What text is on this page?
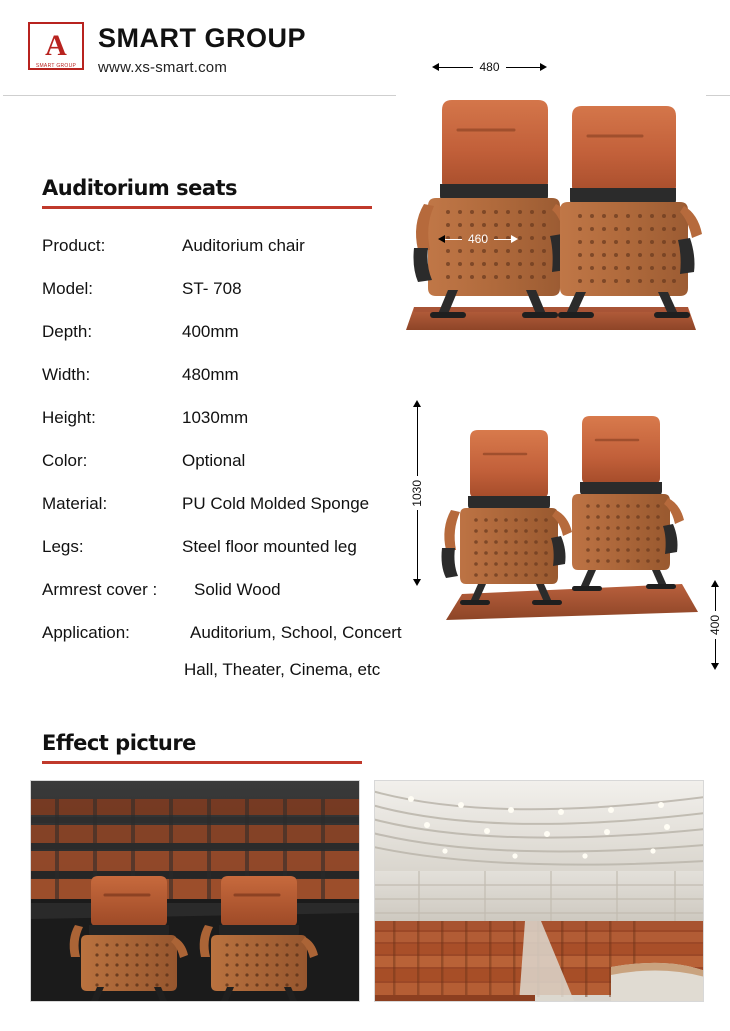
A
SMART GROUP
SMART GROUP
www.xs-smart.com
Auditorium seats
Product:	Auditorium chair
Model:	ST- 708
Depth:	400mm
Width:	480mm
Height:	1030mm
Color:	Optional
Material:	PU Cold Molded Sponge
Legs:	Steel floor mounted leg
Armrest cover :	Solid Wood
Application:	Auditorium, School, Concert
Hall, Theater, Cinema, etc
480
460
1030
400
Effect picture
